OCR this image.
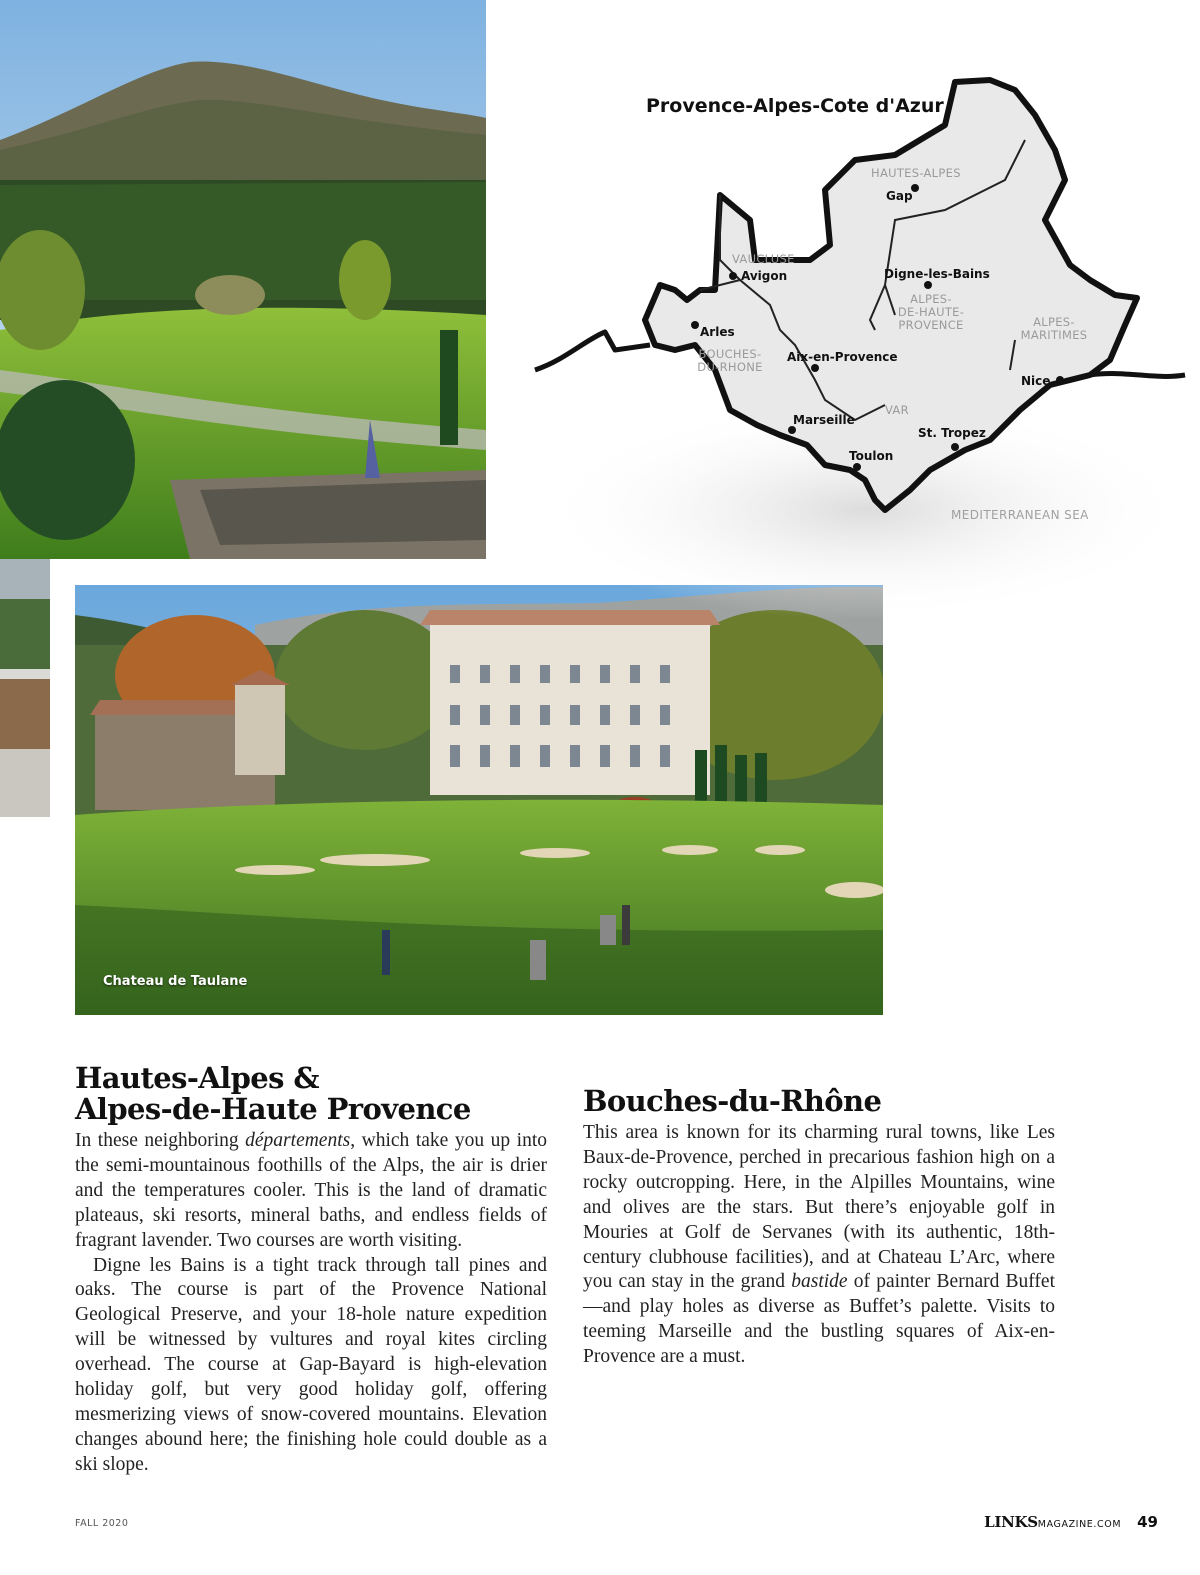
Chateau de Taulane
Provence-Alpes-Cote d'Azur
HAUTES-ALPES
VAUCLUSE
ALPES-
DE-HAUTE-
PROVENCE	ALPES-
MARITIMES
BOUCHES-
DU-RHONE
VAR
Gap
Avigon	Digne-les-Bains
Arles
Aix-en-Provence
Nice
Marseille
St. Tropez
Toulon
MEDITERRANEAN SEA
Hautes-Alpes &
Alpes-de-Haute Provence

In these neighboring départements, which take you up into the semi-mountainous foothills of the Alps, the air is drier and the temperatures cooler. This is the land of dramatic plateaus, ski resorts, mineral baths, and endless fields of fragrant lavender. Two courses are worth visiting.

Digne les Bains is a tight track through tall pines and oaks. The course is part of the Provence National Geological Preserve, and your 18-hole nature expedition will be witnessed by vultures and royal kites circling overhead. The course at Gap-Bayard is high-elevation holiday golf, but very good holiday golf, offering mesmerizing views of snow-covered mountains. Elevation changes abound here; the finishing hole could double as a ski slope.

Bouches-du-Rhône

This area is known for its charming rural towns, like Les Baux-de-Provence, perched in precarious fashion high on a rocky outcropping. Here, in the Alpilles Mountains, wine and olives are the stars. But there’s enjoyable golf in Mouries at Golf de Servanes (with its authentic, 18th-century clubhouse facilities), and at Chateau L’Arc, where you can stay in the grand bastide of painter Bernard Buffet—and play holes as diverse as Buffet’s palette. Visits to teeming Marseille and the bustling squares of Aix-en-Provence are a must.

FALL 2020	LINKSMAGAZINE.COM 49
